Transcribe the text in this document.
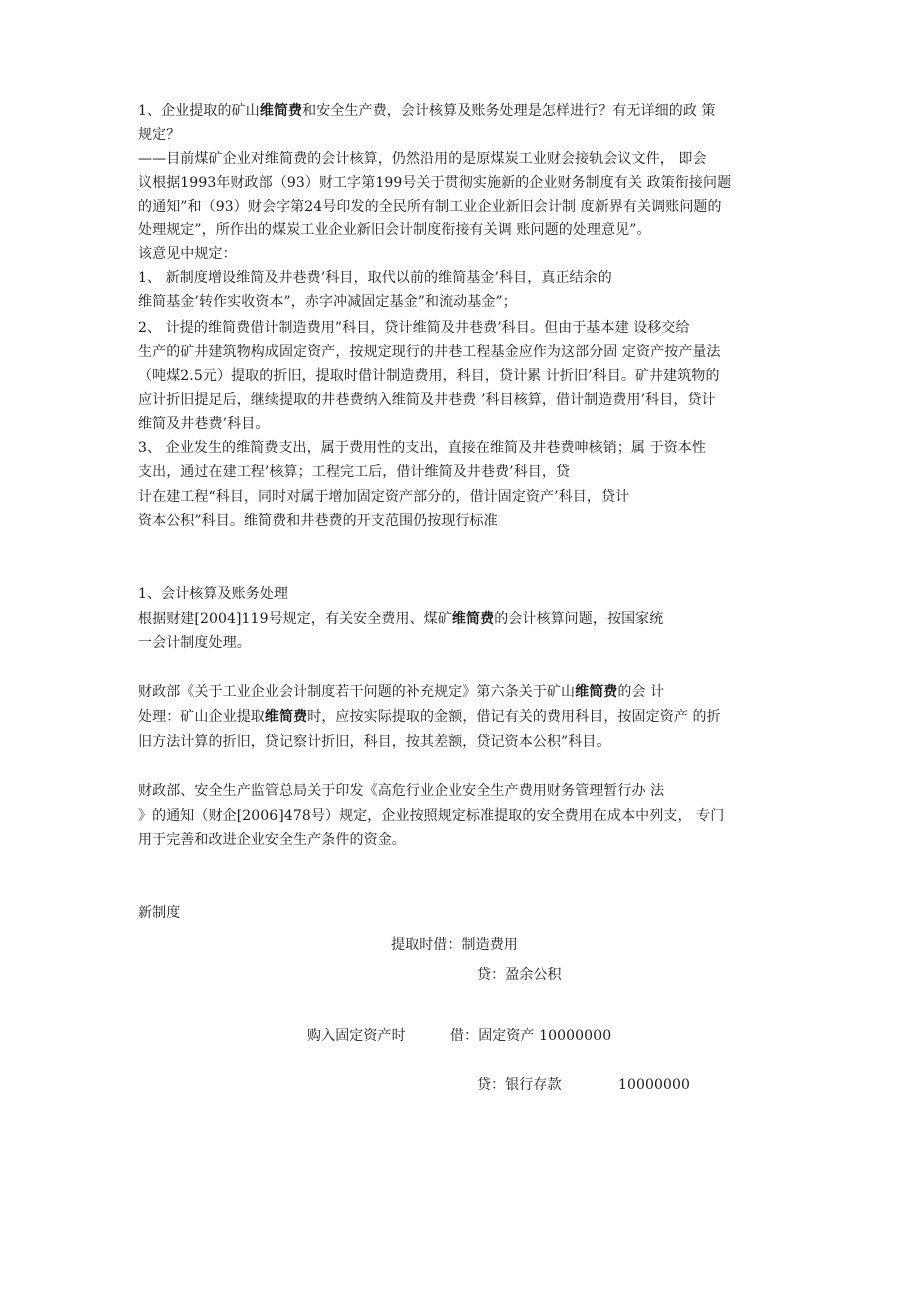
1、企业提取的矿山维简费和安全生产费，会计核算及账务处理是怎样进行？有无详细的政 策
规定？
——目前煤矿企业对维简费的会计核算，仍然沿用的是原煤炭工业财会接轨会议文件， 即会
议根据1993年财政部（93）财工字第199号关于贯彻实施新的企业财务制度有关 政策衔接问题
的通知”和（93）财会字第24号印发的全民所有制工业企业新旧会计制 度新界有关调账问题的
处理规定”，所作出的煤炭工业企业新旧会计制度衔接有关调 账问题的处理意见”。
该意见中规定：
1、 新制度增设维简及井巷费’科目，取代以前的维简基金’科目，真正结余的
维简基金’转作实收资本”，赤字冲减固定基金”和流动基金”；
2、 计提的维简费借计制造费用”科目，贷计维简及井巷费’科目。但由于基本建 设移交给
生产的矿井建筑物构成固定资产，按规定现行的井巷工程基金应作为这部分固 定资产按产量法
（吨煤2.5元）提取的折旧，提取时借计制造费用，科目，贷计累 计折旧’科目。矿井建筑物的
应计折旧提足后，继续提取的井巷费纳入维简及井巷费 ’科目核算，借计制造费用’科目，贷计
维简及井巷费’科目。
3、 企业发生的维简费支出，属于费用性的支出，直接在维简及井巷费呻核销；属 于资本性
支出，通过在建工程’核算；工程完工后，借计维简及井巷费’科目，贷
计在建工程“科目，同时对属于增加固定资产部分的，借计固定资产’科目，贷计
资本公积”科目。维简费和井巷费的开支范围仍按现行标准
1、会计核算及账务处理
根据财建[2004]119号规定，有关安全费用、煤矿维简费的会计核算问题，按国家统
一会计制度处理。
财政部《关于工业企业会计制度若干问题的补充规定》第六条关于矿山维简费的会 计
处理：矿山企业提取维简费时，应按实际提取的金额，借记有关的费用科目，按固定资产 的折
旧方法计算的折旧，贷记察计折旧，科目，按其差额，贷记资本公积”科目。
财政部、安全生产监管总局关于印发《高危行业企业安全生产费用财务管理暂行办 法
》的通知（财企[2006]478号）规定，企业按照规定标准提取的安全费用在成本中列支， 专门
用于完善和改进企业安全生产条件的资金。
新制度
提取时借：制造费用
贷：盈余公积
购入固定资产时	借：固定资产 10000000
贷：银行存款	10000000
